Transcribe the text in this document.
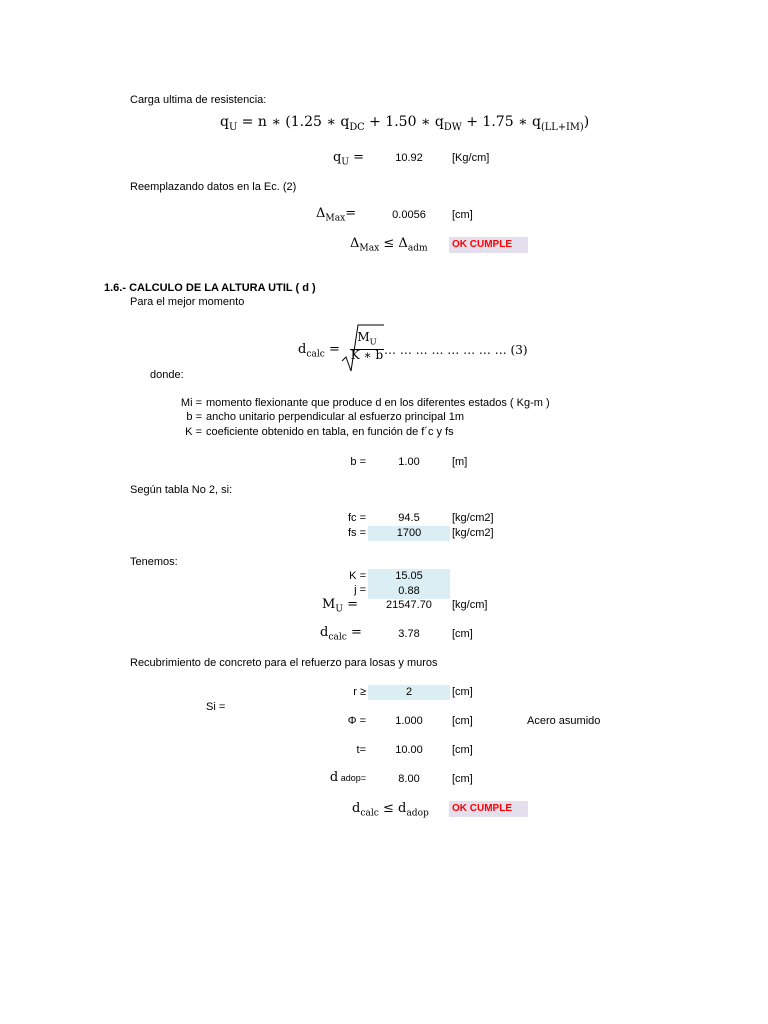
Carga ultima de resistencia:
$q_U = n$ ∗ (1.25 ∗ $q_{DC} + 1.50$ ∗ $q_{DW} + 1.75$ ∗ $q_{(LL+IM)}$)
$q_U$ =	10.92	[Kg/cm]
Reemplazando datos en la Ec. (2)
$\Delta_{Max}=$	0.0056	[cm]
$\Delta_{Max} \le \Delta_{adm}$	OK CUMPLE
1.6.- CALCULO DE LA ALTURA UTIL ( d )
Para el mejor momento
$d_{calc}$ =
$M_U$
K ∗ b … … … … … … … … (3)
donde:
Mi = momento flexionante que produce d en los diferentes estados ( Kg-m )
b = ancho unitario perpendicular al esfuerzo principal 1m
K = coeficiente obtenido en tabla, en función de f´c y fs
b =	1.00	[m]
Según tabla No 2, si:
fc =	94.5	[kg/cm2]
fs =	1700	[kg/cm2]
Tenemos:
K =	15.05
j =	0.88
$M_U$ =	21547.70	[kg/cm]
$d_{calc}$ =	3.78	[cm]
Recubrimiento de concreto para el refuerzo para losas y muros
r ≥	2	[cm]
Si =
Φ =	1.000	[cm]	Acero asumido
t=	10.00	[cm]
d adop=	8.00	[cm]
$d_{calc} \le d_{adop}$	OK CUMPLE
